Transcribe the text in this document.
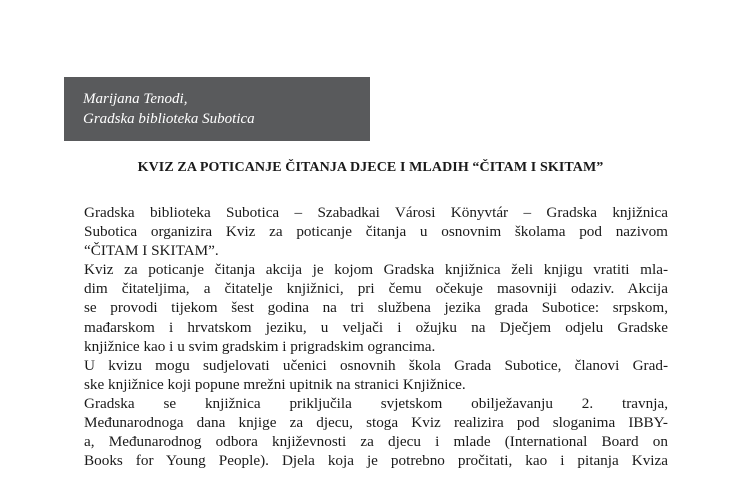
Marijana Tenodi,
Gradska biblioteka Subotica
KVIZ ZA POTICANJE ČITANJA DJECE I MLADIH “ČITAM I SKITAM”
Gradska biblioteka Subotica – Szabadkai Városi Könyvtár – Gradska knjižnica
Subotica organizira Kviz za poticanje čitanja u osnovnim školama pod nazivom
“ČITAM I SKITAM”.
Kviz za poticanje čitanja akcija je kojom Gradska knjižnica želi knjigu vratiti mla-
dim čitateljima, a čitatelje knjižnici, pri čemu očekuje masovniji odaziv. Akcija
se provodi tijekom šest godina na tri službena jezika grada Subotice: srpskom,
mađarskom i hrvatskom jeziku, u veljači i ožujku na Dječjem odjelu Gradske
knjižnice kao i u svim gradskim i prigradskim ograncima.
U kvizu mogu sudjelovati učenici osnovnih škola Grada Subotice, članovi Grad-
ske knjižnice koji popune mrežni upitnik na stranici Knjižnice.
Gradska se knjižnica priključila svjetskom obilježavanju 2. travnja,
Međunarodnoga dana knjige za djecu, stoga Kviz realizira pod sloganima IBBY-
a, Međunarodnog odbora književnosti za djecu i mlade (International Board on
Books for Young People). Djela koja je potrebno pročitati, kao i pitanja Kviza
